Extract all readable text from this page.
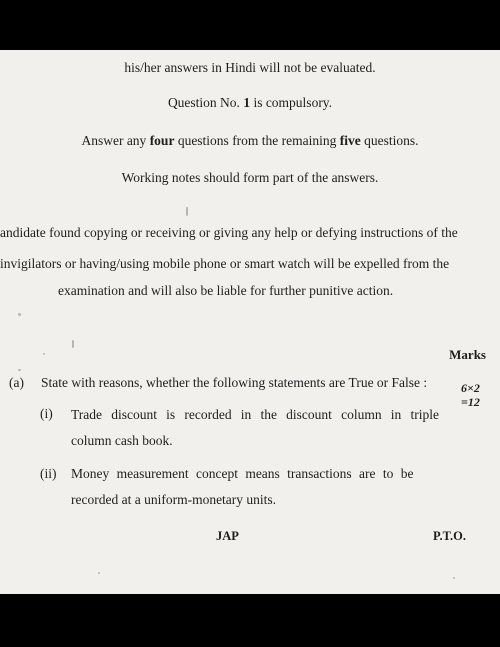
his/her answers in Hindi will not be evaluated.
Question No. 1 is compulsory.
Answer any four questions from the remaining five questions.
Working notes should form part of the answers.
andidate found copying or receiving or giving any help or defying instructions of the
invigilators or having/using mobile phone or smart watch will be expelled from the
examination and will also be liable for further punitive action.
Marks
(a) State with reasons, whether the following statements are True or False :	6×2
=12
(i) Trade discount is recorded in the discount column in triple
column cash book.
(ii) Money measurement concept means transactions are to be
recorded at a uniform-monetary units.
JAP	P.T.O.
